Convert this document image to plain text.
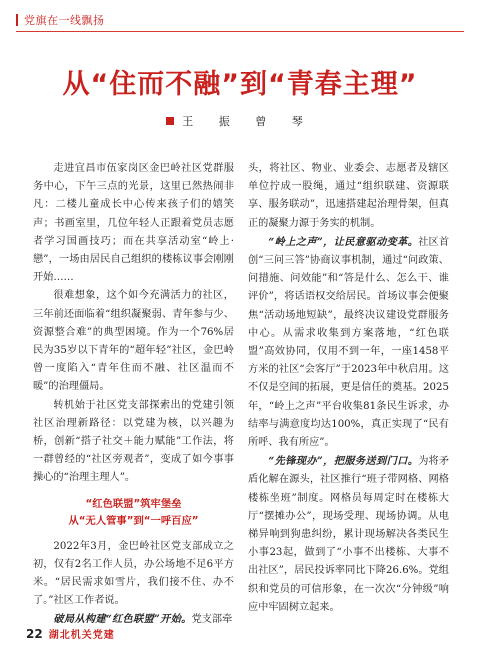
党旗在一线飘扬
从“住而不融”到“青春主理”
王 振 曾 琴

走进宜昌市伍家岗区金巴岭社区党群服务中心，下午三点的光景，这里已然热闹非凡：二楼儿童成长中心传来孩子们的嬉笑声；书画室里，几位年轻人正跟着党员志愿者学习国画技巧；而在共享活动室“岭上·戀”，一场由居民自己组织的楼栋议事会刚刚开始……

很难想象，这个如今充满活力的社区，三年前还面临着“组织凝聚弱、青年参与少、资源整合难”的典型困境。作为一个76%居民为35岁以下青年的“超年轻”社区，金巴岭曾一度陷入“青年住而不融、社区温而不暖”的治理僵局。

转机始于社区党支部探索出的党建引领社区治理新路径：以党建为核，以兴趣为桥，创新“搭子社交＋能力赋能”工作法，将一群曾经的“社区旁观者”，变成了如今事事操心的“治理主理人”。

“红色联盟”筑牢堡垒
从“无人管事”到“一呼百应”

2022年3月，金巴岭社区党支部成立之初，仅有2名工作人员，办公场地不足6平方米。“居民需求如雪片，我们接不住、办不了。”社区工作者说。

破局从构建“红色联盟”开始。党支部牵

头，将社区、物业、业委会、志愿者及辖区单位拧成一股绳，通过“组织联建、资源联享、服务联动”，迅速搭建起治理骨架，但真正的凝聚力源于务实的机制。

“岭上之声”，让民意驱动变革。社区首创“三问三答”协商议事机制，通过“问政策、问措施、问效能”和“答是什么、怎么干、谁评价”，将话语权交给居民。首场议事会便聚焦“活动场地短缺”，最终决议建设党群服务中心。从需求收集到方案落地，“红色联盟”高效协同，仅用不到一年，一座1458平方米的社区“会客厅”于2023年中秋启用。这不仅是空间的拓展，更是信任的奠基。2025年，“岭上之声”平台收集81条民生诉求，办结率与满意度均达100%，真正实现了“民有所呼、我有所应”。

“先锋现办”，把服务送到门口。为将矛盾化解在源头，社区推行“班子带网格、网格楼栋坐班”制度。网格员每周定时在楼栋大厅“摆摊办公”，现场受理、现场协调。从电梯异响到狗患纠纷，累计现场解决各类民生小事23起，做到了“小事不出楼栋、大事不出社区”，居民投诉率同比下降26.6%。党组织和党员的可信形象，在一次次“分钟级”响应中牢固树立起来。

22 湖北机关党建
